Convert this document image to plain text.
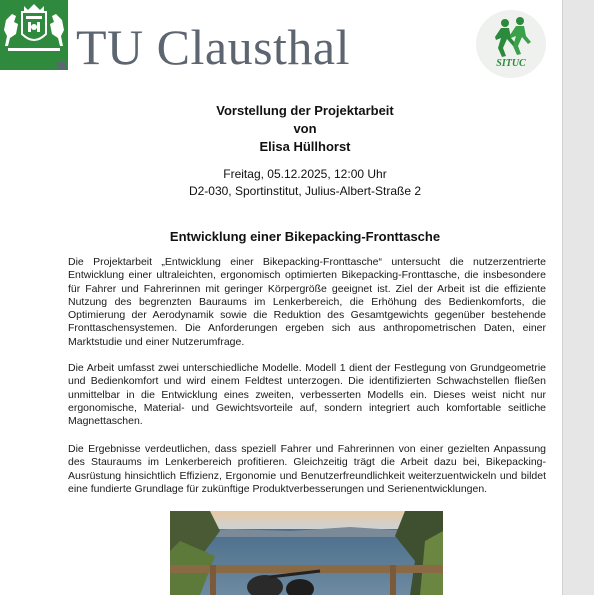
TU Clausthal	SITUC
Vorstellung der Projektarbeit
von
Elisa Hüllhorst
Freitag, 05.12.2025, 12:00 Uhr
D2-030, Sportinstitut, Julius-Albert-Straße 2
Entwicklung einer Bikepacking-Fronttasche
Die Projektarbeit „Entwicklung einer Bikepacking-Fronttasche“ untersucht die nutzerzentrierte Entwicklung einer ultraleichten, ergonomisch optimierten Bikepacking-Fronttasche, die insbesondere für Fahrer und Fahrerinnen mit geringer Körpergröße geeignet ist. Ziel der Arbeit ist die effiziente Nutzung des begrenzten Bauraums im Lenkerbereich, die Erhöhung des Bedienkomforts, die Optimierung der Aerodynamik sowie die Reduktion des Gesamtgewichts gegenüber bestehende Fronttaschensystemen. Die Anforderungen ergeben sich aus anthropometrischen Daten, einer Marktstudie und einer Nutzerumfrage.
Die Arbeit umfasst zwei unterschiedliche Modelle. Modell 1 dient der Festlegung von Grundgeometrie und Bedienkomfort und wird einem Feldtest unterzogen. Die identifizierten Schwachstellen fließen unmittelbar in die Entwicklung eines zweiten, verbesserten Modells ein. Dieses weist nicht nur ergonomische, Material- und Gewichtsvorteile auf, sondern integriert auch komfortable seitliche Magnettaschen.
Die Ergebnisse verdeutlichen, dass speziell Fahrer und Fahrerinnen von einer gezielten Anpassung des Stauraums im Lenkerbereich profitieren. Gleichzeitig trägt die Arbeit dazu bei, Bikepacking-Ausrüstung hinsichtlich Effizienz, Ergonomie und Benutzerfreundlichkeit weiterzuentwickeln und bildet eine fundierte Grundlage für zukünftige Produktverbesserungen und Serienentwicklungen.
